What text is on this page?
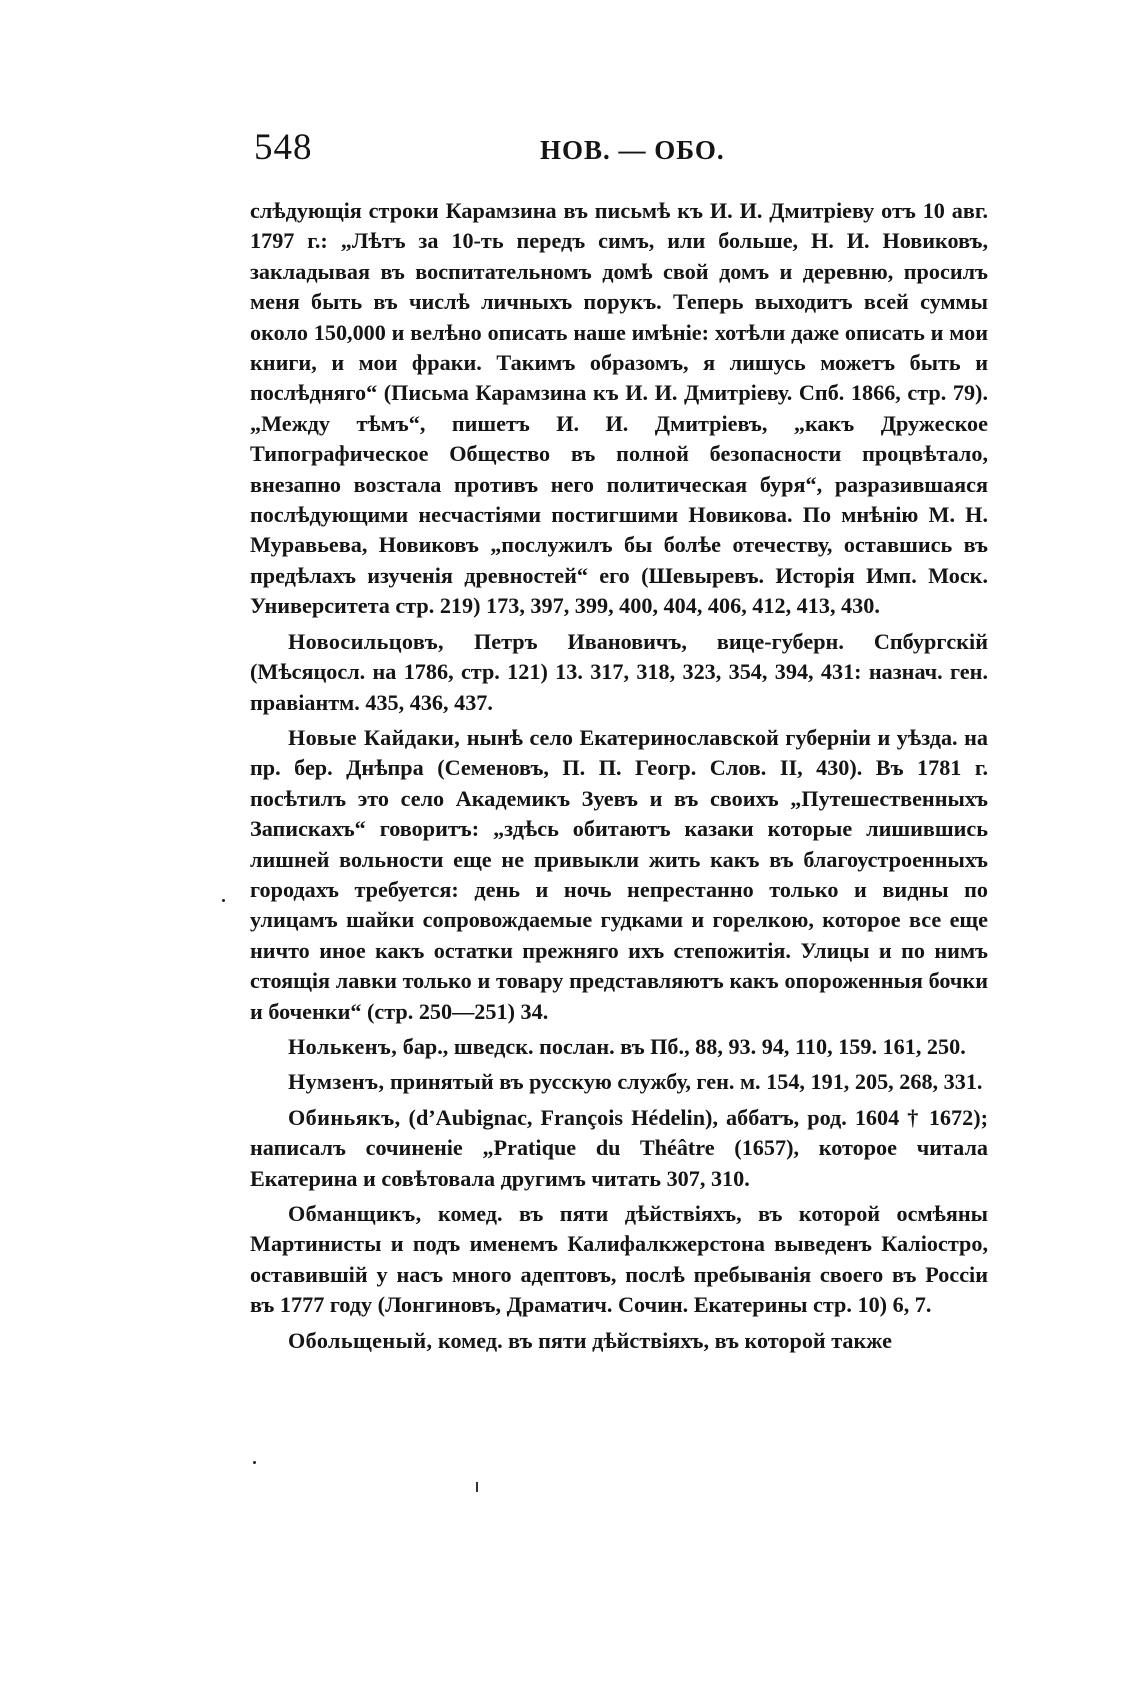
548	НОВ. — ОБО.

слѣдующія строки Карамзина въ письмѣ къ И. И. Дмитріеву отъ 10 авг. 1797 г.: „Лѣтъ за 10-ть передъ симъ, или больше, Н. И. Новиковъ, закладывая въ воспитательномъ домѣ свой домъ и деревню, просилъ меня быть въ числѣ личныхъ порукъ. Теперь выходитъ всей суммы около 150,000 и велѣно описать наше имѣніе: хотѣли даже описать и мои книги, и мои фраки. Такимъ образомъ, я лишусь можетъ быть и послѣдняго“ (Письма Карамзина къ И. И. Дмитріеву. Спб. 1866, стр. 79). „Между тѣмъ“, пишетъ И. И. Дмитріевъ, „какъ Дружеское Типографическое Общество въ полной безопасности процвѣтало, внезапно возстала противъ него политическая буря“, разразившаяся послѣдующими несчастіями постигшими Новикова. По мнѣнію М. Н. Муравьева, Новиковъ „послужилъ бы болѣе отечеству, оставшись въ предѣлахъ изученія древностей“ его (Шевыревъ. Исторія Имп. Моск. Университета стр. 219) 173, 397, 399, 400, 404, 406, 412, 413, 430.

Новосильцовъ, Петръ Ивановичъ, вице-губерн. Спбургскій (Мѣсяцосл. на 1786, стр. 121) 13. 317, 318, 323, 354, 394, 431: назнач. ген. правіантм. 435, 436, 437.

Новые Кайдаки, нынѣ село Екатеринославской губерніи и уѣзда. на пр. бер. Днѣпра (Семеновъ, П. П. Геогр. Слов. II, 430). Въ 1781 г. посѣтилъ это село Академикъ Зуевъ и въ своихъ „Путешественныхъ Запискахъ“ говоритъ: „здѣсь обитаютъ казаки которые лишившись лишней вольности еще не привыкли жить какъ въ благоустроенныхъ городахъ требуется: день и ночь непрестанно только и видны по улицамъ шайки сопровождаемые гудками и горелкою, которое все еще ничто иное какъ остатки прежняго ихъ степожитія. Улицы и по нимъ стоящія лавки только и товару представляютъ какъ опороженныя бочки и боченки“ (стр. 250—251) 34.

Нолькенъ, бар., шведск. послан. въ Пб., 88, 93. 94, 110, 159. 161, 250.

Нумзенъ, принятый въ русскую службу, ген. м. 154, 191, 205, 268, 331.

Обиньякъ, (d’Aubignac, François Hédelin), аббатъ, род. 1604 † 1672); написалъ сочиненіе „Pratique du Théâtre (1657), которое читала Екатерина и совѣтовала другимъ читать 307, 310.

Обманщикъ, комед. въ пяти дѣйствіяхъ, въ которой осмѣяны Мартинисты и подъ именемъ Калифалкжерстона выведенъ Каліостро, оставившій у насъ много адептовъ, послѣ пребыванія своего въ Россіи въ 1777 году (Лонгиновъ, Драматич. Сочин. Екатерины стр. 10) 6, 7.

Обольщеный, комед. въ пяти дѣйствіяхъ, въ которой также
